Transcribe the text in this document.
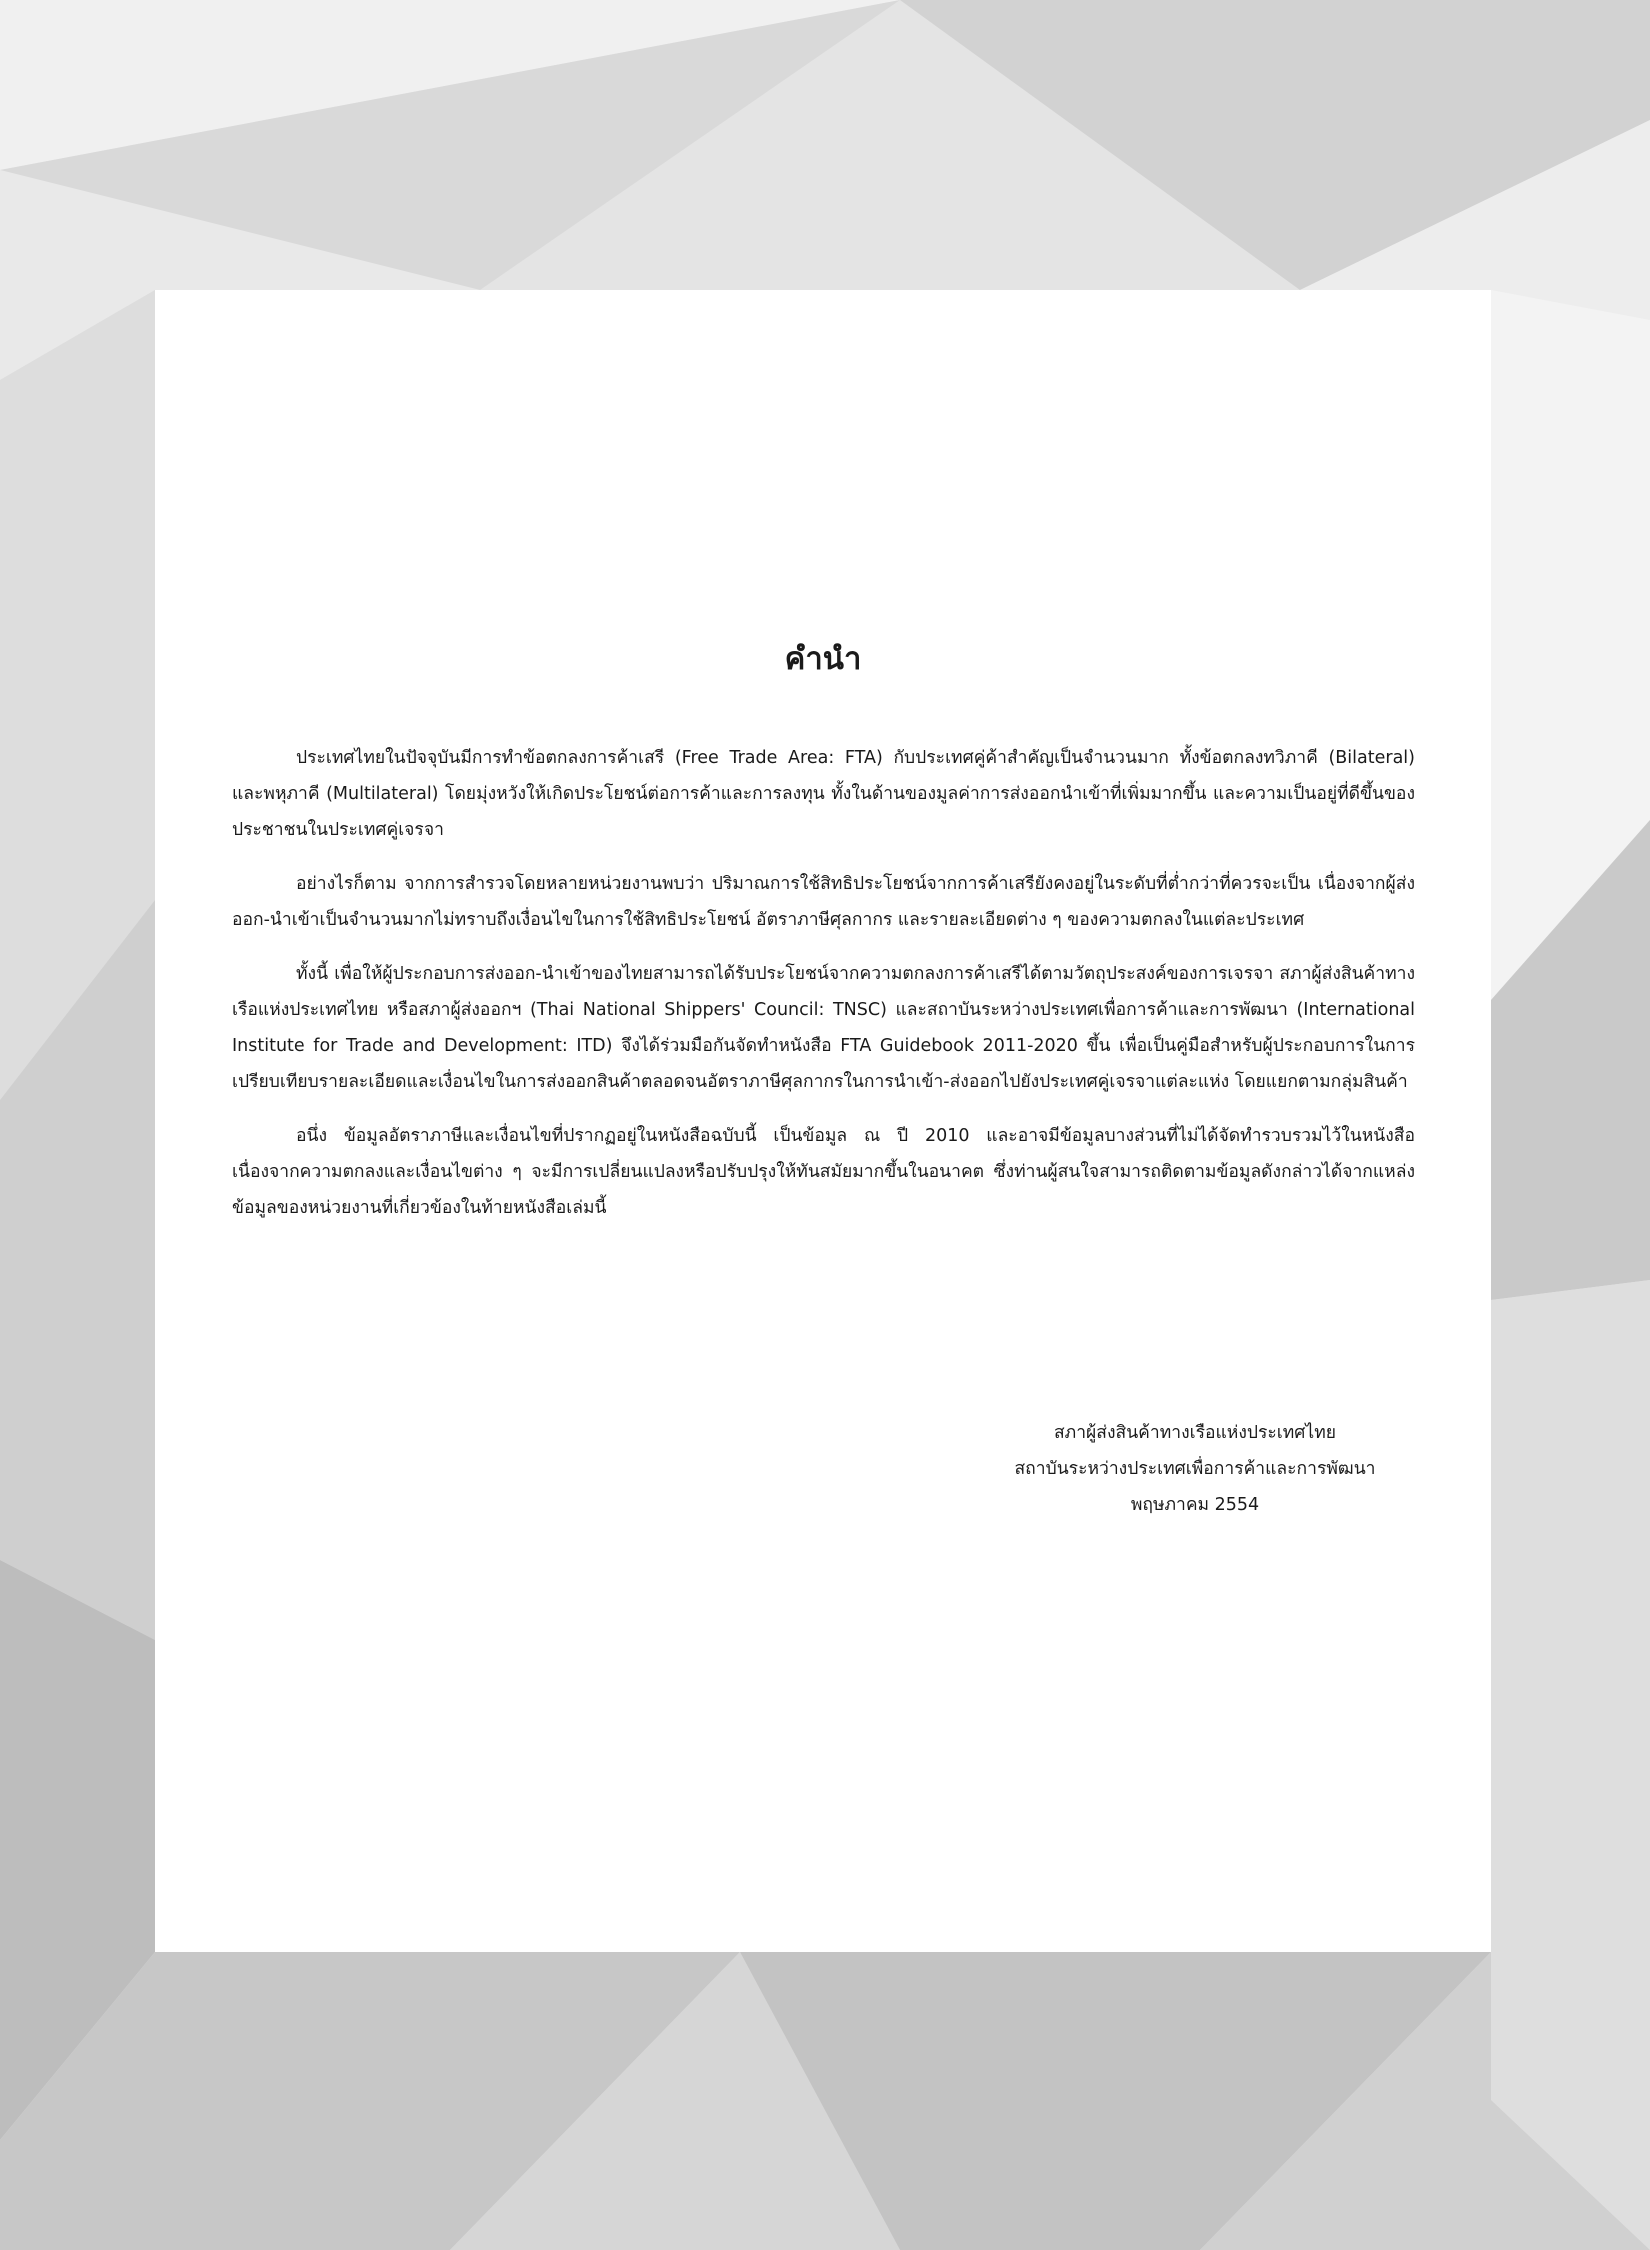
คำนำ

ประเทศไทยในปัจจุบันมีการทำข้อตกลงการค้าเสรี (Free Trade Area: FTA) กับประเทศคู่ค้าสำคัญเป็นจำนวนมาก ทั้งข้อตกลงทวิภาคี (Bilateral) และพหุภาคี (Multilateral) โดยมุ่งหวังให้เกิดประโยชน์ต่อการค้าและการลงทุน ทั้งในด้านของมูลค่าการส่งออกนำเข้าที่เพิ่มมากขึ้น และความเป็นอยู่ที่ดีขึ้นของประชาชนในประเทศคู่เจรจา

อย่างไรก็ตาม จากการสำรวจโดยหลายหน่วยงานพบว่า ปริมาณการใช้สิทธิประโยชน์จากการค้าเสรียังคงอยู่ในระดับที่ต่ำกว่าที่ควรจะเป็น เนื่องจากผู้ส่งออก-นำเข้าเป็นจำนวนมากไม่ทราบถึงเงื่อนไขในการใช้สิทธิประโยชน์ อัตราภาษีศุลกากร และรายละเอียดต่าง ๆ ของความตกลงในแต่ละประเทศ

ทั้งนี้ เพื่อให้ผู้ประกอบการส่งออก-นำเข้าของไทยสามารถได้รับประโยชน์จากความตกลงการค้าเสรีได้ตามวัตถุประสงค์ของการเจรจา สภาผู้ส่งสินค้าทางเรือแห่งประเทศไทย หรือสภาผู้ส่งออกฯ (Thai National Shippers' Council: TNSC) และสถาบันระหว่างประเทศเพื่อการค้าและการพัฒนา (International Institute for Trade and Development: ITD) จึงได้ร่วมมือกันจัดทำหนังสือ FTA Guidebook 2011-2020 ขึ้น เพื่อเป็นคู่มือสำหรับผู้ประกอบการในการเปรียบเทียบรายละเอียดและเงื่อนไขในการส่งออกสินค้าตลอดจนอัตราภาษีศุลกากรในการนำเข้า-ส่งออกไปยังประเทศคู่เจรจาแต่ละแห่ง โดยแยกตามกลุ่มสินค้า

อนึ่ง ข้อมูลอัตราภาษีและเงื่อนไขที่ปรากฏอยู่ในหนังสือฉบับนี้ เป็นข้อมูล ณ ปี 2010 และอาจมีข้อมูลบางส่วนที่ไม่ได้จัดทำรวบรวมไว้ในหนังสือ เนื่องจากความตกลงและเงื่อนไขต่าง ๆ จะมีการเปลี่ยนแปลงหรือปรับปรุงให้ทันสมัยมากขึ้นในอนาคต ซึ่งท่านผู้สนใจสามารถติดตามข้อมูลดังกล่าวได้จากแหล่งข้อมูลของหน่วยงานที่เกี่ยวข้องในท้ายหนังสือเล่มนี้

สภาผู้ส่งสินค้าทางเรือแห่งประเทศไทย
สถาบันระหว่างประเทศเพื่อการค้าและการพัฒนา
พฤษภาคม 2554
